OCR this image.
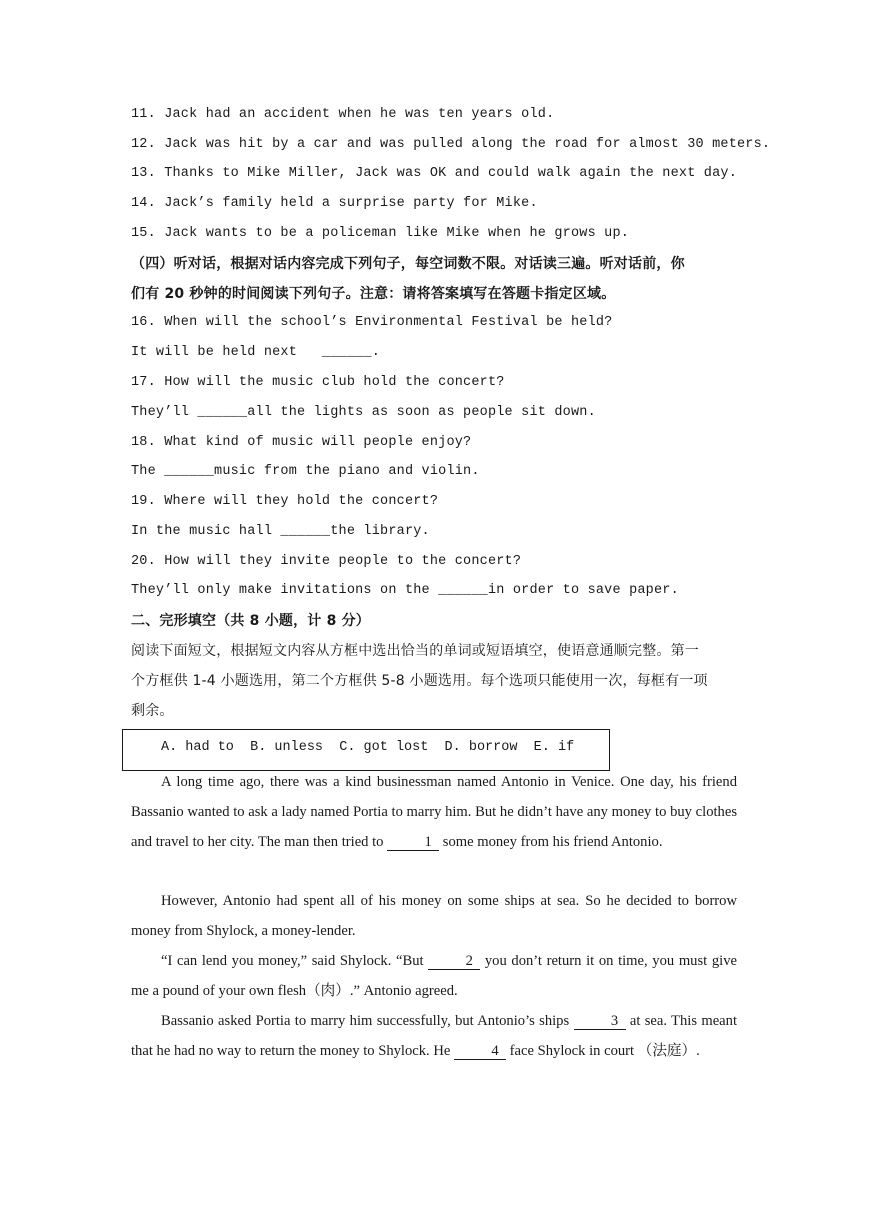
11. Jack had an accident when he was ten years old.
12. Jack was hit by a car and was pulled along the road for almost 30 meters.
13. Thanks to Mike Miller, Jack was OK and could walk again the next day.
14. Jack’s family held a surprise party for Mike.
15. Jack wants to be a policeman like Mike when he grows up.
（四）听对话，根据对话内容完成下列句子，每空词数不限。对话读三遍。听对话前，你
们有 20 秒钟的时间阅读下列句子。注意：请将答案填写在答题卡指定区域。
16. When will the school’s Environmental Festival be held?
It will be held next   ______.
17. How will the music club hold the concert?
They’ll ______all the lights as soon as people sit down.
18. What kind of music will people enjoy?
The ______music from the piano and violin.
19. Where will they hold the concert?
In the music hall ______the library.
20. How will they invite people to the concert?
They’ll only make invitations on the ______in order to save paper.
二、完形填空（共 8 小题，计 8 分）
阅读下面短文，根据短文内容从方框中选出恰当的单词或短语填空，使语意通顺完整。第一
个方框供 1-4 小题选用，第二个方框供 5-8 小题选用。每个选项只能使用一次，每框有一项
剩余。
A. had to  B. unless  C. got lost  D. borrow  E. if
A long time ago, there was a kind businessman named Antonio in Venice. One day, his friend Bassanio wanted to ask a lady named Portia to marry him. But he didn’t have any money to buy clothes and travel to her city. The man then tried to	1 some money from his friend Antonio.
However, Antonio had spent all of his money on some ships at sea. So he decided to borrow money from Shylock, a money-lender.
“I can lend you money,” said Shylock. “But	2 you don’t return it on time, you must give me a pound of your own flesh（肉）.” Antonio agreed.
Bassanio asked Portia to marry him successfully, but Antonio’s ships	3 at sea. This meant that he had no way to return the money to Shylock. He	4 face Shylock in court （法庭）.
